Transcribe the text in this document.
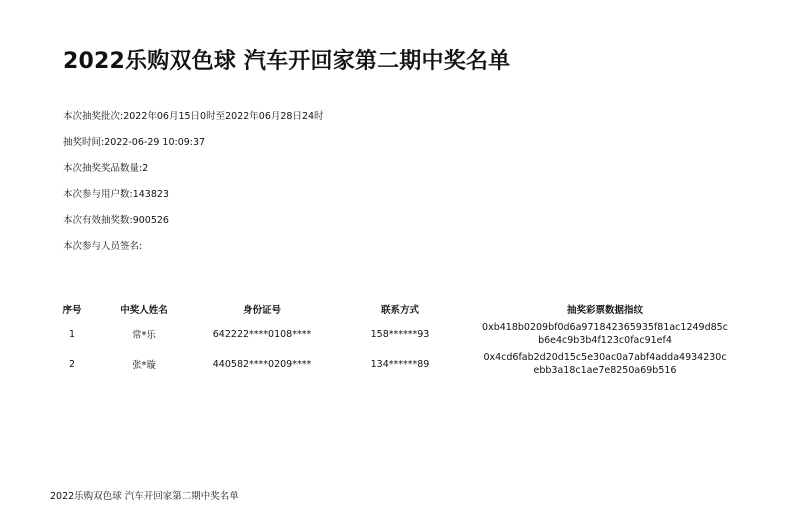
2022乐购双色球 汽车开回家第二期中奖名单
本次抽奖批次:2022年06月15日0时至2022年06月28日24时
抽奖时间:2022-06-29 10:09:37
本次抽奖奖品数量:2
本次参与用户数:143823
本次有效抽奖数:900526
本次参与人员签名:
序号	中奖人姓名	身份证号	联系方式	抽奖彩票数据指纹
1	常*乐	642222****0108****	158******93	0xb418b0209bf0d6a971842365935f81ac1249d85c
b6e4c9b3b4f123c0fac91ef4

2	张*璇	440582****0209****	134******89	0x4cd6fab2d20d15c5e30ac0a7abf4adda4934230c
ebb3a18c1ae7e8250a69b516
2022乐购双色球 汽车开回家第二期中奖名单
